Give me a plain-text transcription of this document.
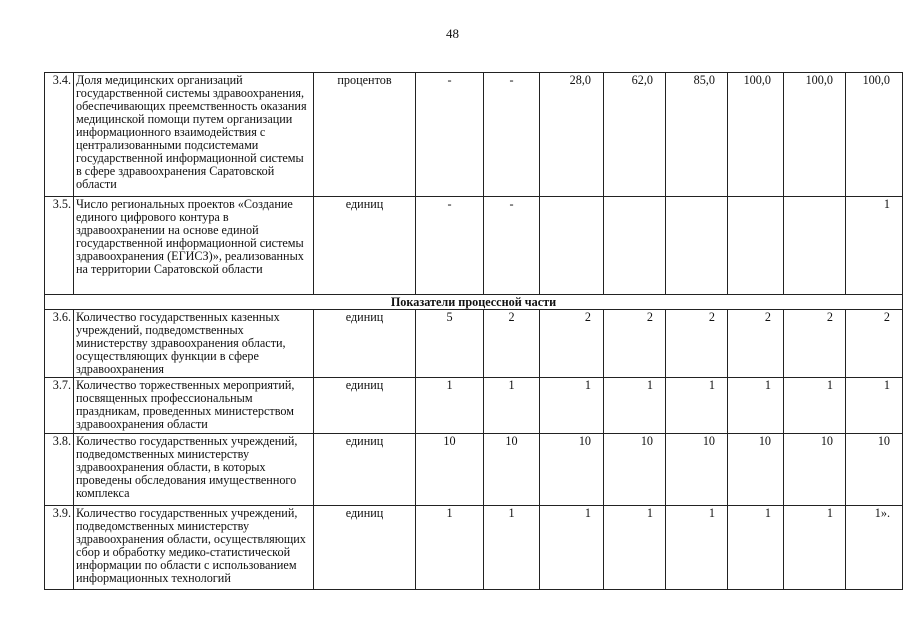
48
3.4.	Доля медицинских организаций государственной системы здравоохранения, обеспечивающих преемственность оказания медицинской помощи путем организации информационного взаимодействия с централизованными подсистемами государственной информационной системы в сфере здравоохранения Саратовской области	процентов	-	-	28,0	62,0	85,0	100,0	100,0	100,0
3.5.	Число региональных проектов «Создание единого цифрового контура в здравоохранении на основе единой государственной информационной системы здравоохранения (ЕГИСЗ)», реализованных на территории Саратовской области	единиц	-	-						1
Показатели процессной части										
3.6.	Количество государственных казенных учреждений, подведомственных министерству здравоохранения области, осуществляющих функции в сфере здравоохранения	единиц	5	2	2	2	2	2	2	2
3.7.	Количество торжественных мероприятий, посвященных профессиональным праздникам, проведенных министерством здравоохранения области	единиц	1	1	1	1	1	1	1	1
3.8.	Количество государственных учреждений, подведомственных министерству здравоохранения области, в которых проведены обследования имущественного комплекса	единиц	10	10	10	10	10	10	10	10
3.9.	Количество государственных учреждений, подведомственных министерству здравоохранения области, осуществляющих сбор и обработку медико-статистической информации по области с использованием информационных технологий	единиц	1	1	1	1	1	1	1	1».
